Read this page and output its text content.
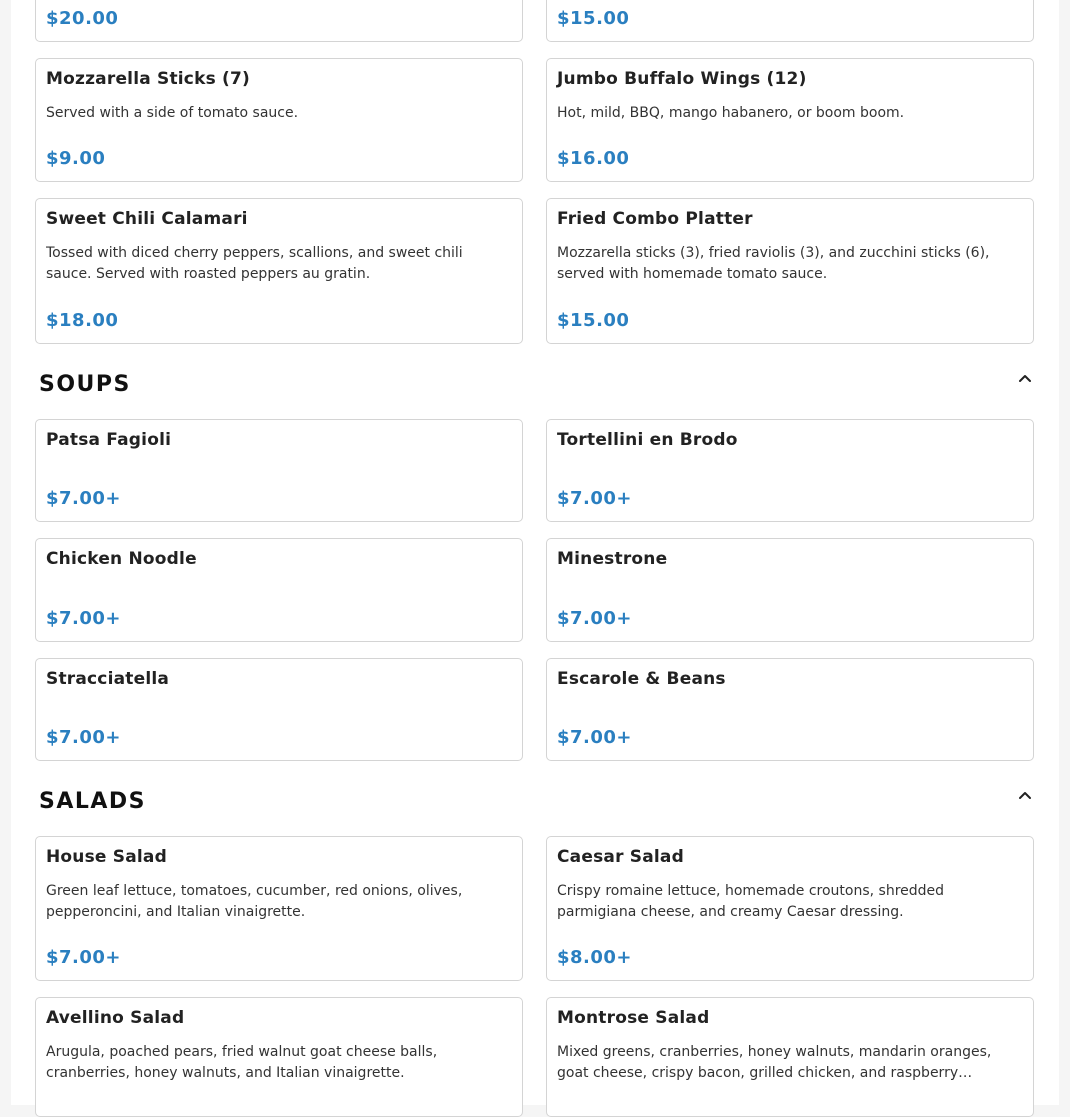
$20.00	$15.00
Mozzarella Sticks (7)
Served with a side of tomato sauce.
$9.00
Jumbo Buffalo Wings (12)
Hot, mild, BBQ, mango habanero, or boom boom.
$16.00
Sweet Chili Calamari
Tossed with diced cherry peppers, scallions, and sweet chili sauce. Served with roasted peppers au gratin.
$18.00
Fried Combo Platter
Mozzarella sticks (3), fried raviolis (3), and zucchini sticks (6), served with homemade tomato sauce.
$15.00
SOUPS
Patsa Fagioli
$7.00+
Tortellini en Brodo
$7.00+
Chicken Noodle
$7.00+
Minestrone
$7.00+
Stracciatella
$7.00+
Escarole & Beans
$7.00+
SALADS
House Salad
Green leaf lettuce, tomatoes, cucumber, red onions, olives, pepperoncini, and Italian vinaigrette.
$7.00+
Caesar Salad
Crispy romaine lettuce, homemade croutons, shredded parmigiana cheese, and creamy Caesar dressing.
$8.00+
Avellino Salad
Arugula, poached pears, fried walnut goat cheese balls, cranberries, honey walnuts, and Italian vinaigrette.
Montrose Salad
Mixed greens, cranberries, honey walnuts, mandarin oranges, goat cheese, crispy bacon, grilled chicken, and raspberry…
